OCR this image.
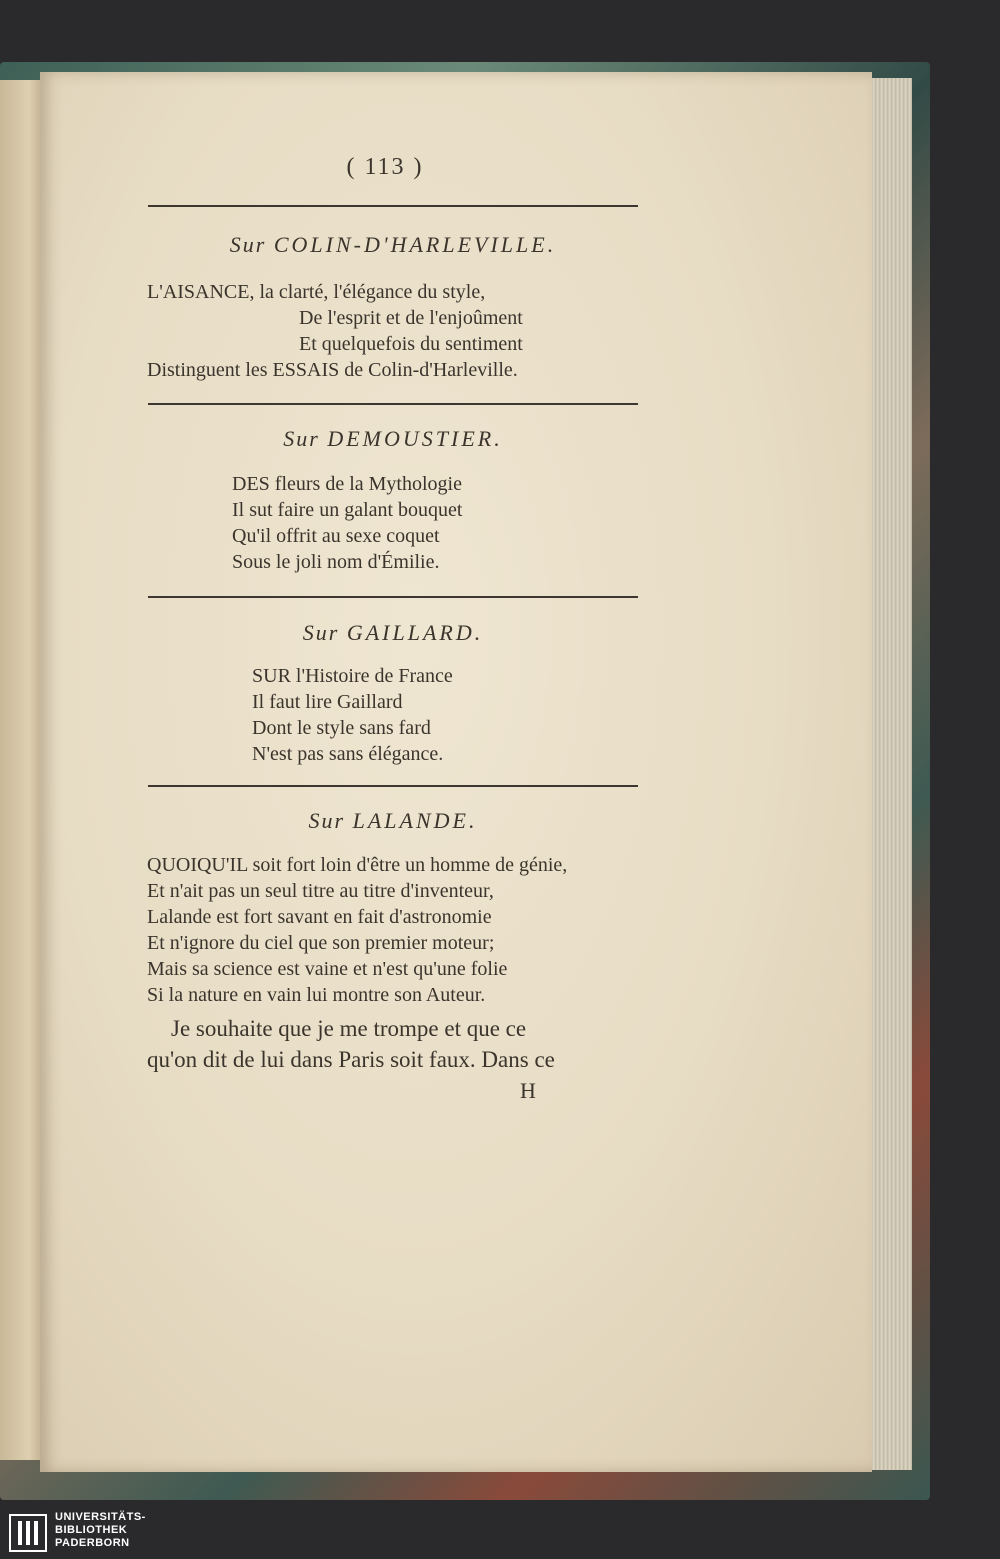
( 113 )
Sur COLIN-D'HARLEVILLE.
L'AISANCE, la clarté, l'élégance du style,
De l'esprit et de l'enjoûment
Et quelquefois du sentiment
Distinguent les ESSAIS de Colin-d'Harleville.
Sur DEMOUSTIER.
DES fleurs de la Mythologie
Il sut faire un galant bouquet
Qu'il offrit au sexe coquet
Sous le joli nom d'Émilie.
Sur GAILLARD.
SUR l'Histoire de France
Il faut lire Gaillard
Dont le style sans fard
N'est pas sans élégance.
Sur LALANDE.
QUOIQU'IL soit fort loin d'être un homme de génie,
Et n'ait pas un seul titre au titre d'inventeur,
Lalande est fort savant en fait d'astronomie
Et n'ignore du ciel que son premier moteur;
Mais sa science est vaine et n'est qu'une folie
Si la nature en vain lui montre son Auteur.
Je souhaite que je me trompe et que ce
qu'on dit de lui dans Paris soit faux. Dans ce
H
UNIVERSITÄTS-
BIBLIOTHEK
PADERBORN
